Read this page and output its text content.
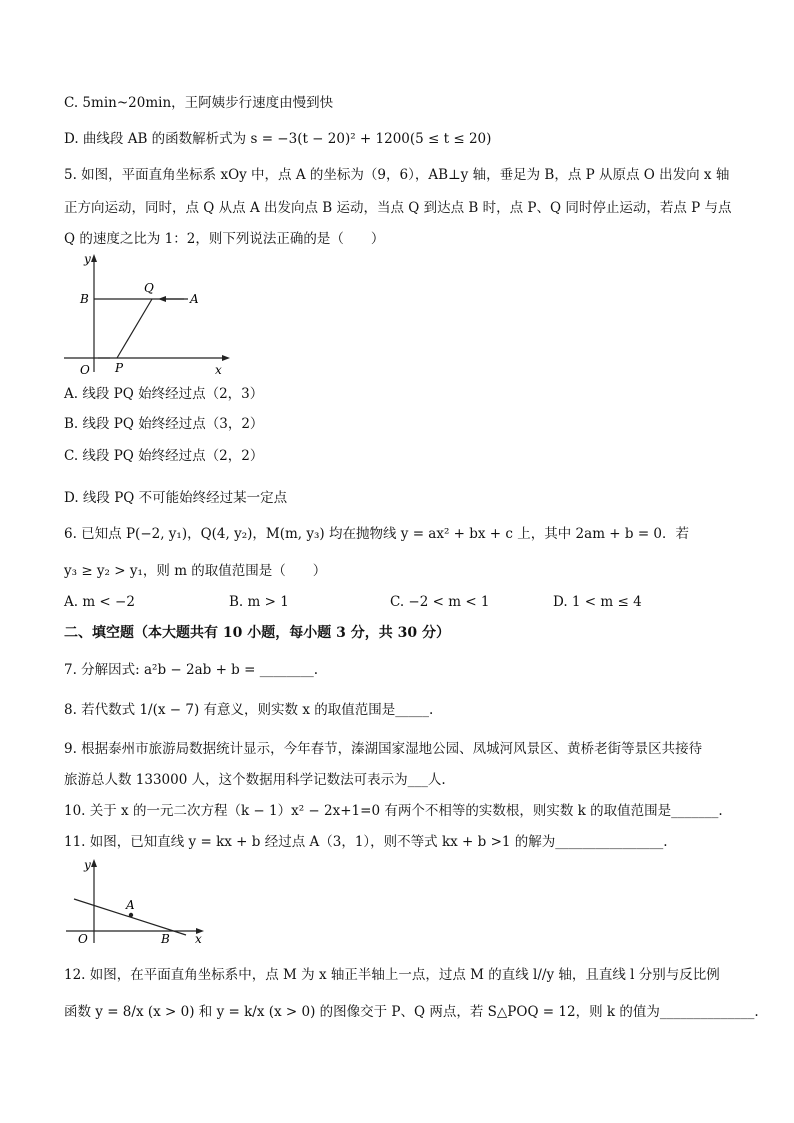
C. 5min~20min，王阿姨步行速度由慢到快
D. 曲线段 AB 的函数解析式为 s = −3(t − 20)² + 1200(5 ≤ t ≤ 20)
5. 如图，平面直角坐标系 xOy 中，点 A 的坐标为（9，6），AB⊥y 轴，垂足为 B，点 P 从原点 O 出发向 x 轴
正方向运动，同时，点 Q 从点 A 出发向点 B 运动，当点 Q 到达点 B 时，点 P、Q 同时停止运动，若点 P 与点
Q 的速度之比为 1：2，则下列说法正确的是（　　）
y
B
Q
A
O P	x
A. 线段 PQ 始终经过点（2，3）
B. 线段 PQ 始终经过点（3，2）
C. 线段 PQ 始终经过点（2，2）
D. 线段 PQ 不可能始终经过某一定点
6. 已知点 P(−2, y₁)，Q(4, y₂)，M(m, y₃) 均在抛物线 y = ax² + bx + c 上，其中 2am + b = 0．若
y₃ ≥ y₂ > y₁，则 m 的取值范围是（　　）
A. m < −2	B. m > 1	C. −2 < m < 1	D. 1 < m ≤ 4
二、填空题（本大题共有 10 小题，每小题 3 分，共 30 分）
7. 分解因式: a²b − 2ab + b = ________.
8. 若代数式 1/(x − 7) 有意义，则实数 x 的取值范围是_____.
9. 根据泰州市旅游局数据统计显示，今年春节，溱湖国家湿地公园、凤城河风景区、黄桥老街等景区共接待
旅游总人数 133000 人，这个数据用科学记数法可表示为___人.
10. 关于 x 的一元二次方程（k − 1）x² − 2x+1=0 有两个不相等的实数根，则实数 k 的取值范围是_______.
11. 如图，已知直线 y = kx + b 经过点 A（3，1），则不等式 kx + b >1 的解为________________.
y
A
O	B x
12. 如图，在平面直角坐标系中，点 M 为 x 轴正半轴上一点，过点 M 的直线 l//y 轴，且直线 l 分别与反比例
函数 y = 8/x (x > 0) 和 y = k/x (x > 0) 的图像交于 P、Q 两点，若 S△POQ = 12，则 k 的值为______________.
